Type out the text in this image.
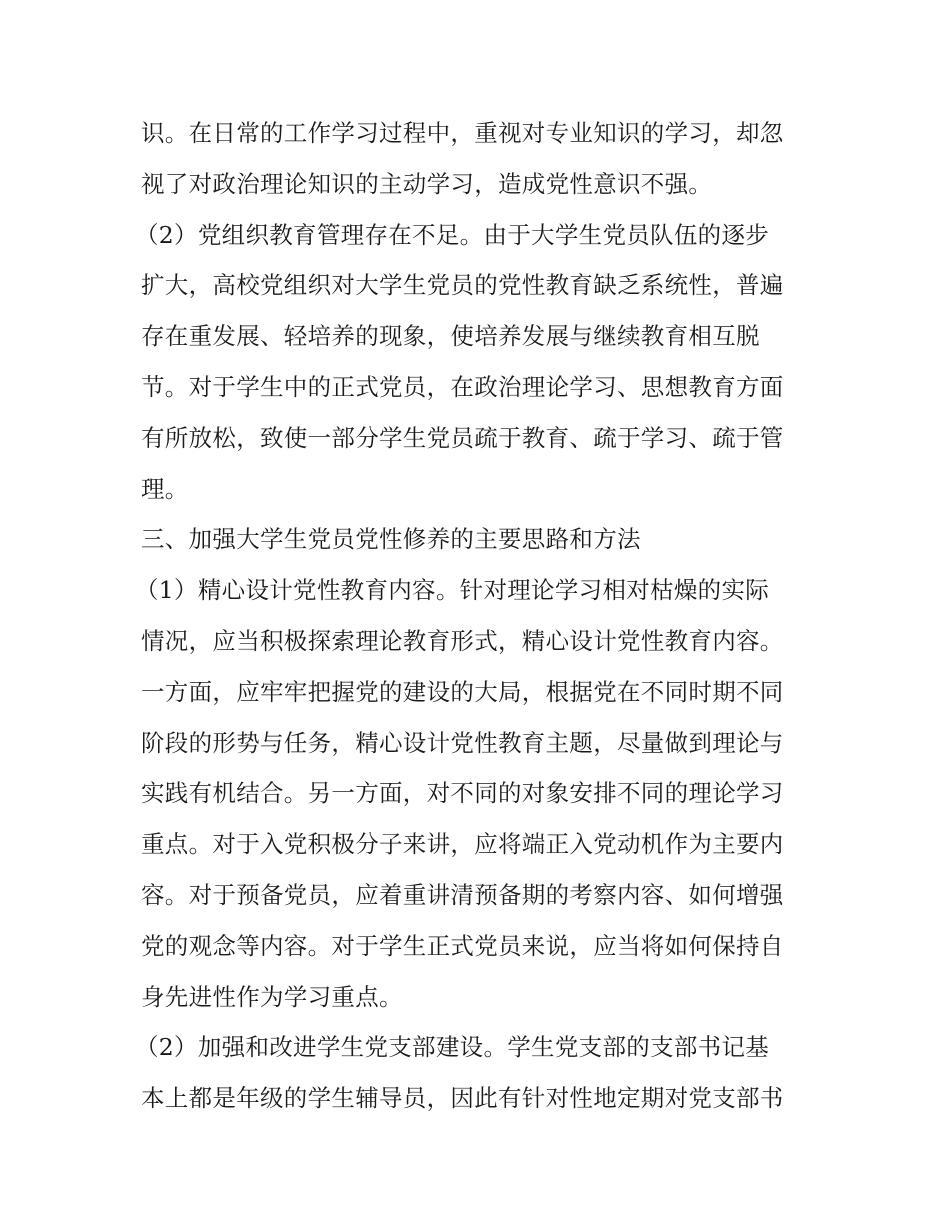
识。在日常的工作学习过程中，重视对专业知识的学习，却忽
视了对政治理论知识的主动学习，造成党性意识不强。
（2）党组织教育管理存在不足。由于大学生党员队伍的逐步
扩大，高校党组织对大学生党员的党性教育缺乏系统性，普遍
存在重发展、轻培养的现象，使培养发展与继续教育相互脱
节。对于学生中的正式党员，在政治理论学习、思想教育方面
有所放松，致使一部分学生党员疏于教育、疏于学习、疏于管
理。
三、加强大学生党员党性修养的主要思路和方法
（1）精心设计党性教育内容。针对理论学习相对枯燥的实际
情况，应当积极探索理论教育形式，精心设计党性教育内容。
一方面，应牢牢把握党的建设的大局，根据党在不同时期不同
阶段的形势与任务，精心设计党性教育主题，尽量做到理论与
实践有机结合。另一方面，对不同的对象安排不同的理论学习
重点。对于入党积极分子来讲，应将端正入党动机作为主要内
容。对于预备党员，应着重讲清预备期的考察内容、如何增强
党的观念等内容。对于学生正式党员来说，应当将如何保持自
身先进性作为学习重点。
（2）加强和改进学生党支部建设。学生党支部的支部书记基
本上都是年级的学生辅导员，因此有针对性地定期对党支部书
